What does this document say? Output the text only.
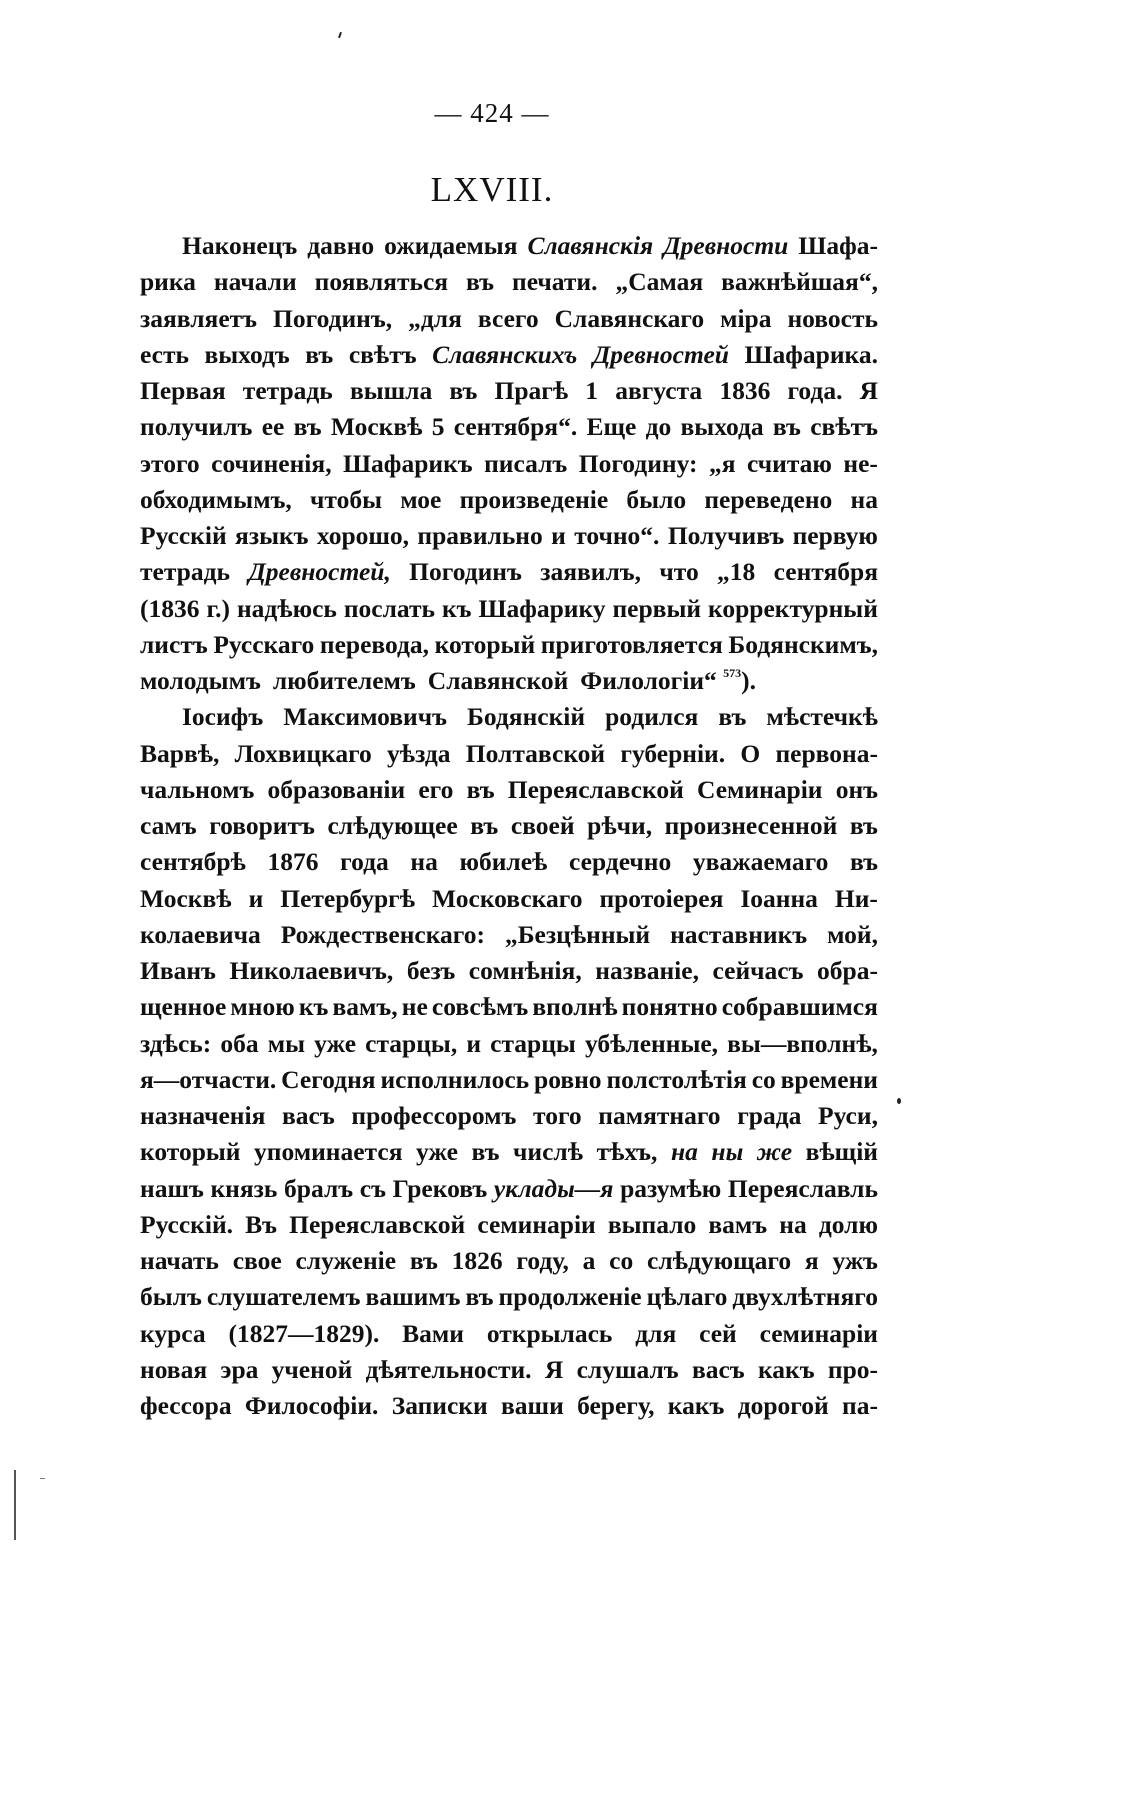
— 424 —
LXVIII.
Наконецъ давно ожидаемыя Славянскія Древности Шафа-
рика начали появляться въ печати. „Самая важнѣйшая“,
заявляетъ Погодинъ, „для всего Славянскаго міра новость
есть выходъ въ свѣтъ Славянскихъ Древностей Шафарика.
Первая тетрадь вышла въ Прагѣ 1 августа 1836 года. Я
получилъ ее въ Москвѣ 5 сентября“. Еще до выхода въ свѣтъ
этого сочиненія, Шафарикъ писалъ Погодину: „я считаю не-
обходимымъ, чтобы мое произведеніе было переведено на
Русскій языкъ хорошо, правильно и точно“. Получивъ первую
тетрадь Древностей, Погодинъ заявилъ, что „18 сентября
(1836 г.) надѣюсь послать къ Шафарику первый корректурный
листъ Русскаго перевода, который приготовляется Бодянскимъ,
молодымъ любителемъ Славянской Филологіи“ $^{573}$).
Іосифъ Максимовичъ Бодянскій родился въ мѣстечкѣ
Варвѣ, Лохвицкаго уѣзда Полтавской губерніи. О первона-
чальномъ образованіи его въ Переяславской Семинаріи онъ
самъ говоритъ слѣдующее въ своей рѣчи, произнесенной въ
сентябрѣ 1876 года на юбилеѣ сердечно уважаемаго въ
Москвѣ и Петербургѣ Московскаго протоіерея Іоанна Ни-
колаевича Рождественскаго: „Безцѣнный наставникъ мой,
Иванъ Николаевичъ, безъ сомнѣнія, названіе, сейчасъ обра-
щенное мною къ вамъ, не совсѣмъ вполнѣ понятно собравшимся
здѣсь: оба мы уже старцы, и старцы убѣленные, вы—вполнѣ,
я—отчасти. Сегодня исполнилось ровно полстолѣтія со времени
назначенія васъ профессоромъ того памятнаго града Руси,
который упоминается уже въ числѣ тѣхъ, на ны же вѣщій
нашъ князь бралъ съ Грековъ уклады—я разумѣю Переяславль
Русскій. Въ Переяславской семинаріи выпало вамъ на долю
начать свое служеніе въ 1826 году, а со слѣдующаго я ужъ
былъ слушателемъ вашимъ въ продолженіе цѣлаго двухлѣтняго
курса (1827—1829). Вами открылась для сей семинаріи
новая эра ученой дѣятельности. Я слушалъ васъ какъ про-
фессора Философіи. Записки ваши берегу, какъ дорогой па-
